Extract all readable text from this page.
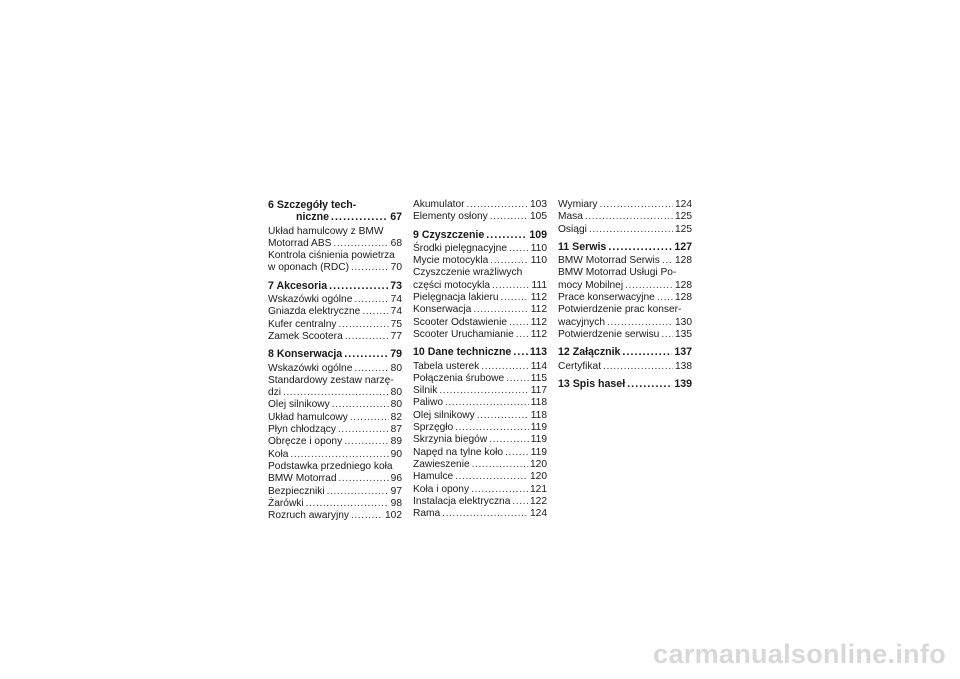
6 Szczegóły tech-
niczne .....	67
Układ hamulcowy z BMW
Motorrad ABS .....	68
Kontrola ciśnienia powietrza
w oponach (RDC) .....	70
7 Akcesoria .....	73
Wskazówki ogólne .....	74
Gniazda elektryczne .....	74
Kufer centralny .....	75
Zamek Scootera .....	77
8 Konserwacja .....	79
Wskazówki ogólne .....	80
Standardowy zestaw narzę-
dzi .....	80
Olej silnikowy .....	80
Układ hamulcowy .....	82
Płyn chłodzący .....	87
Obręcze i opony .....	89
Koła .....	90
Podstawka przedniego koła
BMW Motorrad .....	96
Bezpieczniki .....	97
Żarówki .....	98
Rozruch awaryjny .....	102
Akumulator .....	103
Elementy osłony .....	105
9 Czyszczenie .....	109
Środki pielęgnacyjne ..... 110
Mycie motocykla .....	110
Czyszczenie wrażliwych
części motocykla .....	111
Pielęgnacja lakieru .....	112
Konserwacja .....	112
Scooter Odstawienie ..... 112
Scooter Uruchamianie ..... 112
10 Dane techniczne ..... 113
Tabela usterek .....	114
Połączenia śrubowe .....	115
Silnik .....	117
Paliwo .....	118
Olej silnikowy .....	118
Sprzęgło .....	119
Skrzynia biegów .....	119
Napęd na tylne koło .....	119
Zawieszenie .....	120
Hamulce .....	120
Koła i opony .....	121
Instalacja elektryczna ..... 122
Rama .....	124
Wymiary .....	124
Masa .....	125
Osiągi .....	125
11 Serwis .....	127
BMW Motorrad Serwis ..... 128
BMW Motorrad Usługi Po-
mocy Mobilnej .....	128
Prace konserwacyjne ..... 128
Potwierdzenie prac konser-
wacyjnych .....	130
Potwierdzenie serwisu ..... 135
12 Załącznik .....	137
Certyfikat .....	138
13 Spis haseł .....	139
carmanualsonline.info
